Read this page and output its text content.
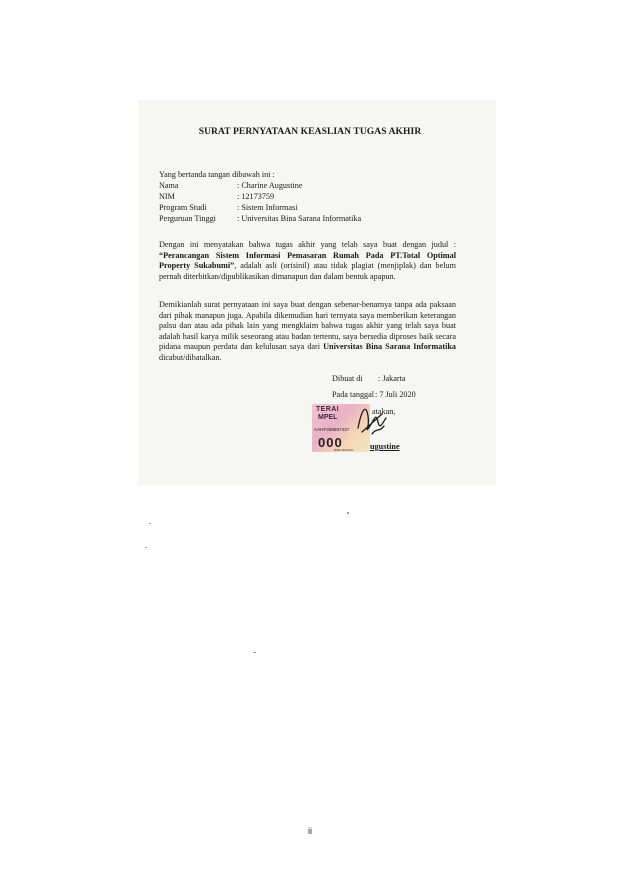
SURAT PERNYATAAN KEASLIAN TUGAS AKHIR
Yang bertanda tangan dibawah ini :
Nama	: Charine Augustine
NIM	: 12173759
Program Studi	: Sistem Informasi
Perguruan Tinggi	: Universitas Bina Sarana Informatika
Dengan ini menyatakan bahwa tugas akhir yang telah saya buat dengan judul : “Perancangan Sistem Informasi Pemasaran Rumah Pada PT.Total Optimal Property Sukabumi”, adalah asli (orisinil) atau tidak plagiat (menjiplak) dan belum pernah diterbitkan/dipublikasikan dimanapun dan dalam bentuk apapun.
Demikianlah surat pernyataan ini saya buat dengan sebenar-benarnya tanpa ada paksaan dari pihak manapun juga. Apabila dikemudian hari ternyata saya memberikan keterangan palsu dan atau ada pihak lain yang mengklaim bahwa tugas akhir yang telah saya buat adalah hasil karya milik seseorang atau badan tertentu, saya bersedia diproses baik secara pidana maupun perdata dan kelulusan saya dari Universitas Bina Sarana Informatika dicabut/dibatalkan.
Dibuat di : Jakarta
Pada tanggal : 7 Juli 2020
TERAI
MPEL
AAHF268897437
000
RIBU RUPIAH
atakan,
ugustine
ii
